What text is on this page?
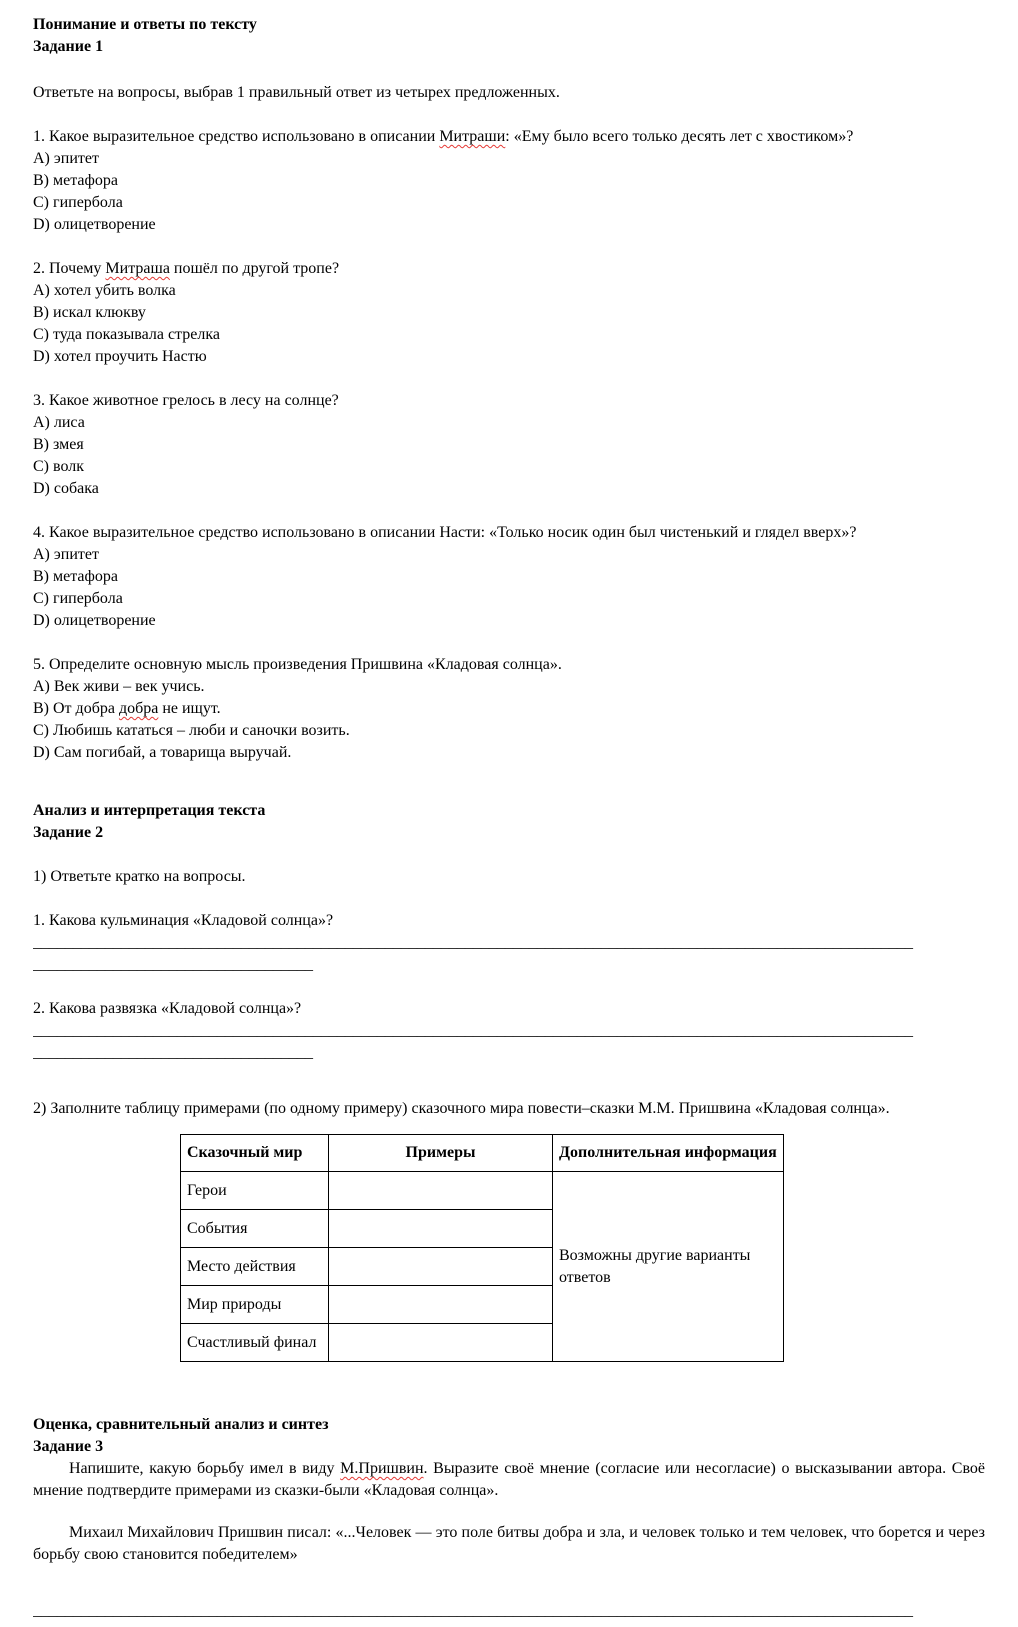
Понимание и ответы по тексту

Задание 1

Ответьте на вопросы, выбрав 1 правильный ответ из четырех предложенных.

1. Какое выразительное средство использовано в описании Митраши: «Ему было всего только десять лет с хвостиком»?

А) эпитет

В) метафора

С) гипербола

D) олицетворение

2. Почему Митраша пошёл по другой тропе?

А) хотел убить волка

В) искал клюкву

С) туда показывала стрелка

D) хотел проучить Настю

3. Какое животное грелось в лесу на солнце?

А) лиса

В) змея

С) волк

D) собака

4. Какое выразительное средство использовано в описании Насти: «Только носик один был чистенький и глядел вверх»?

А) эпитет

В) метафора

С) гипербола

D) олицетворение

5. Определите основную мысль произведения Пришвина «Кладовая солнца».

А) Век живи – век учись.

В) От добра добра не ищут.

С) Любишь кататься – люби и саночки возить.

D) Сам погибай, а товарища выручай.

Анализ и интерпретация текста

Задание 2

1) Ответьте кратко на вопросы.

1. Какова кульминация «Кладовой солнца»?

______________________________________________________________________________________________________________

___________________________________

2. Какова развязка «Кладовой солнца»?

______________________________________________________________________________________________________________

___________________________________

2) Заполните таблицу примерами (по одному примеру) сказочного мира повести–сказки М.М. Пришвина «Кладовая солнца».

Сказочный мир	Примеры	Дополнительная информация
Герои		Возможны другие варианты ответов
События		
Место действия		
Мир природы		
Счастливый финал		

Оценка, сравнительный анализ и синтез

Задание 3

Напишите, какую борьбу имел в виду М.Пришвин. Выразите своё мнение (согласие или несогласие) о высказывании автора. Своё мнение подтвердите примерами из сказки-были «Кладовая солнца».

Михаил Михайлович Пришвин писал: «...Человек — это поле битвы добра и зла, и человек только и тем человек, что борется и через борьбу свою становится победителем»

______________________________________________________________________________________________________________
